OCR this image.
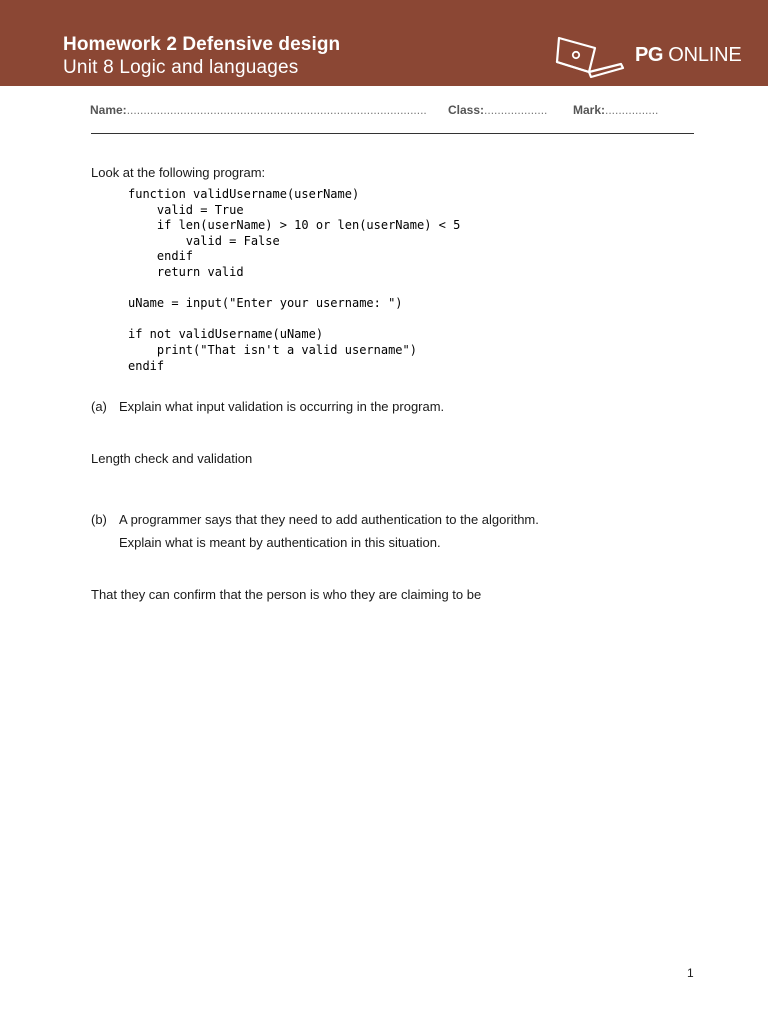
Homework 2 Defensive design
Unit 8 Logic and languages
PG ONLINE
Name:.......................................................................................... Class:................... Mark:................
Look at the following program:
function validUsername(userName)
valid = True
if len(userName) > 10 or len(userName) < 5
valid = False
endif
return valid

uName = input("Enter your username: ")

if not validUsername(uName)
print("That isn't a valid username")
endif
(a) Explain what input validation is occurring in the program.
Length check and validation
(b) A programmer says that they need to add authentication to the algorithm.
Explain what is meant by authentication in this situation.
That they can confirm that the person is who they are claiming to be
1
